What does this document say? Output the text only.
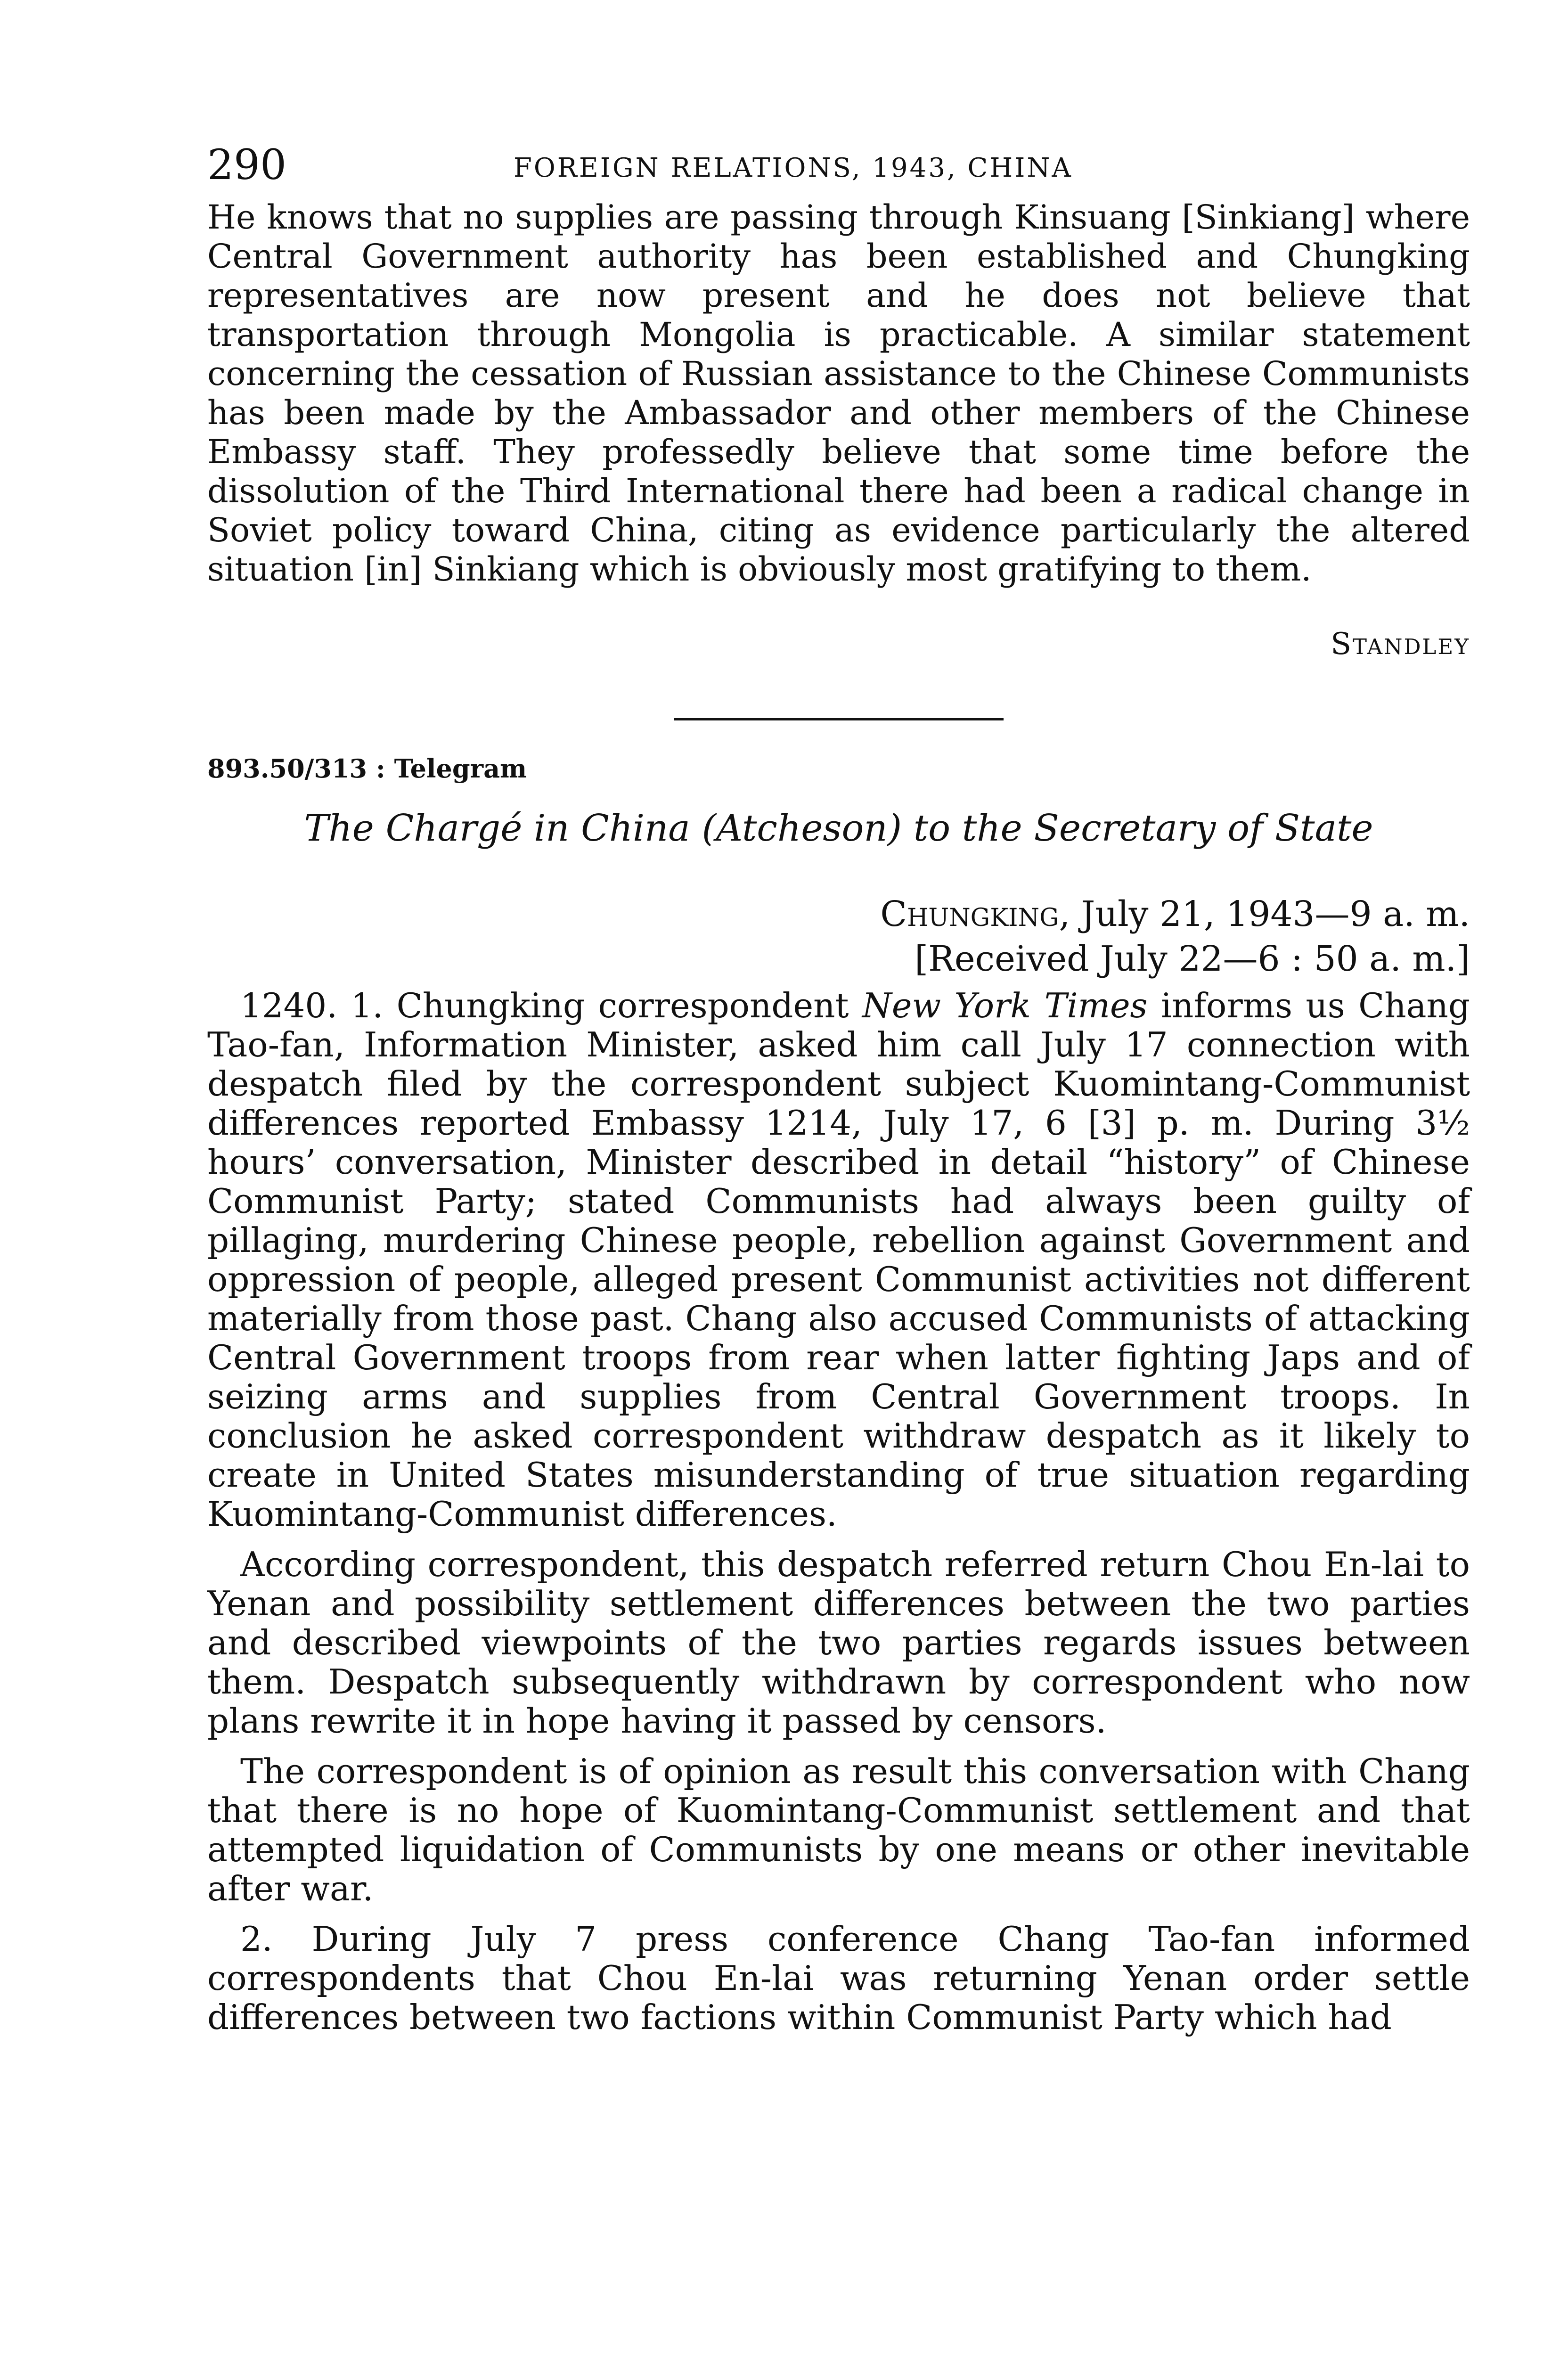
290	FOREIGN RELATIONS, 1943, CHINA

He knows that no supplies are passing through Kinsuang [Sinkiang] where Central Government authority has been established and Chungking representatives are now present and he does not believe that transportation through Mongolia is practicable. A similar statement concerning the cessation of Russian assistance to the Chinese Communists has been made by the Ambassador and other members of the Chinese Embassy staff. They professedly believe that some time before the dissolution of the Third International there had been a radical change in Soviet policy toward China, citing as evidence particularly the altered situation [in] Sinkiang which is obviously most gratifying to them.

Standley
893.50/313 : Telegram
The Chargé in China (Atcheson) to the Secretary of State

Chungking, July 21, 1943—9 a. m.

[Received July 22—6 : 50 a. m.]

1240. 1. Chungking correspondent New York Times informs us Chang Tao-fan, Information Minister, asked him call July 17 connection with despatch filed by the correspondent subject Kuomintang-Communist differences reported Embassy 1214, July 17, 6 [3] p. m. During 3½ hours’ conversation, Minister described in detail “history” of Chinese Communist Party; stated Communists had always been guilty of pillaging, murdering Chinese people, rebellion against Government and oppression of people, alleged present Communist activities not different materially from those past. Chang also accused Communists of attacking Central Government troops from rear when latter fighting Japs and of seizing arms and supplies from Central Government troops. In conclusion he asked correspondent withdraw despatch as it likely to create in United States misunderstanding of true situation regarding Kuomintang-Communist differences.

According correspondent, this despatch referred return Chou En-lai to Yenan and possibility settlement differences between the two parties and described viewpoints of the two parties regards issues between them. Despatch subsequently withdrawn by correspondent who now plans rewrite it in hope having it passed by censors.

The correspondent is of opinion as result this conversation with Chang that there is no hope of Kuomintang-Communist settlement and that attempted liquidation of Communists by one means or other inevitable after war.

2. During July 7 press conference Chang Tao-fan informed correspondents that Chou En-lai was returning Yenan order settle differences between two factions within Communist Party which had
